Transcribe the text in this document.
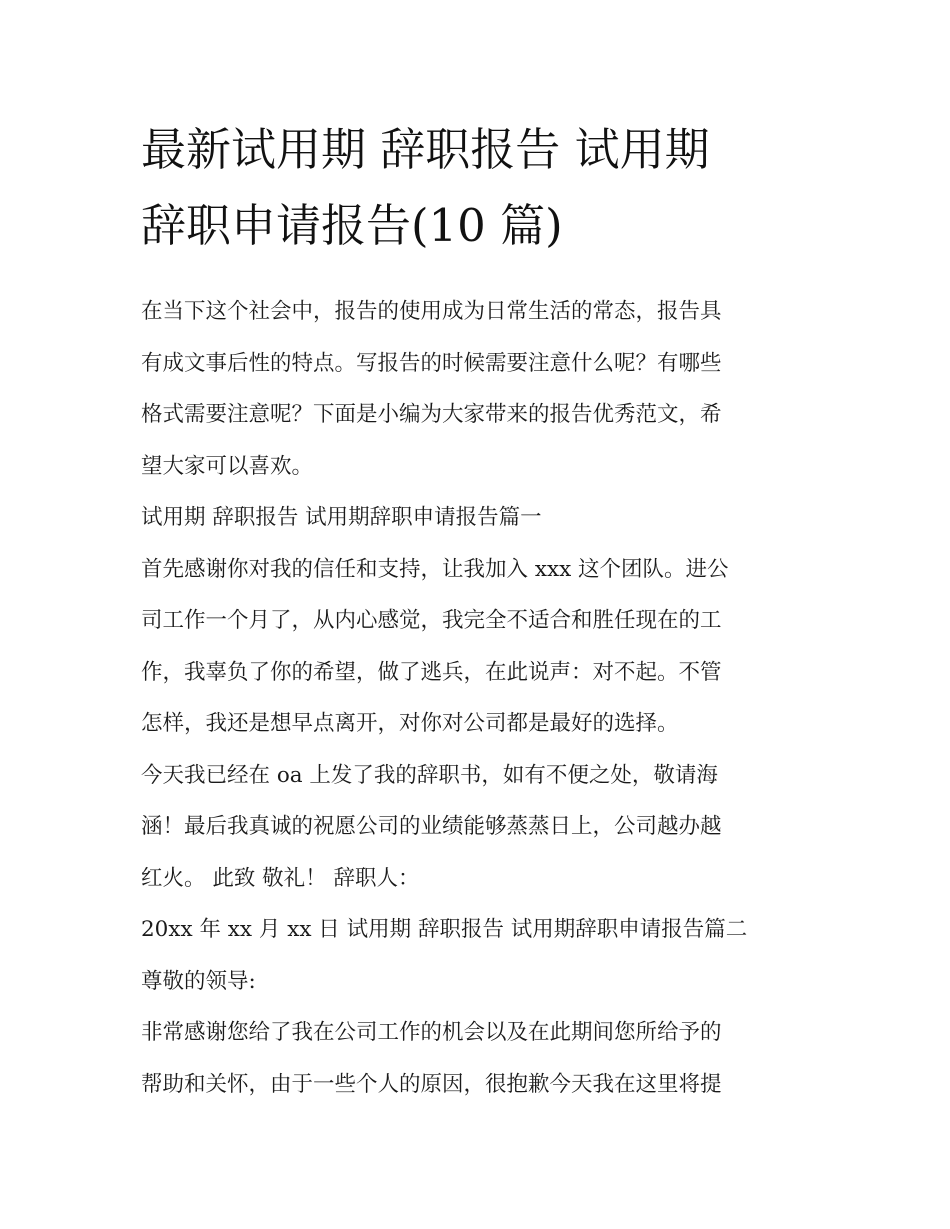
最新试用期 辞职报告 试用期
辞职申请报告(10 篇)
在当下这个社会中，报告的使用成为日常生活的常态，报告具
有成文事后性的特点。写报告的时候需要注意什么呢？有哪些
格式需要注意呢？下面是小编为大家带来的报告优秀范文，希
望大家可以喜欢。
试用期 辞职报告 试用期辞职申请报告篇一
首先感谢你对我的信任和支持，让我加入 xxx 这个团队。进公
司工作一个月了，从内心感觉，我完全不适合和胜任现在的工
作，我辜负了你的希望，做了逃兵，在此说声：对不起。不管
怎样，我还是想早点离开，对你对公司都是最好的选择。
今天我已经在 oa 上发了我的辞职书，如有不便之处，敬请海
涵！最后我真诚的祝愿公司的业绩能够蒸蒸日上，公司越办越
红火。 此致 敬礼！ 辞职人：
20xx 年 xx 月 xx 日 试用期 辞职报告 试用期辞职申请报告篇二
尊敬的领导:
非常感谢您给了我在公司工作的机会以及在此期间您所给予的
帮助和关怀，由于一些个人的原因，很抱歉今天我在这里将提
